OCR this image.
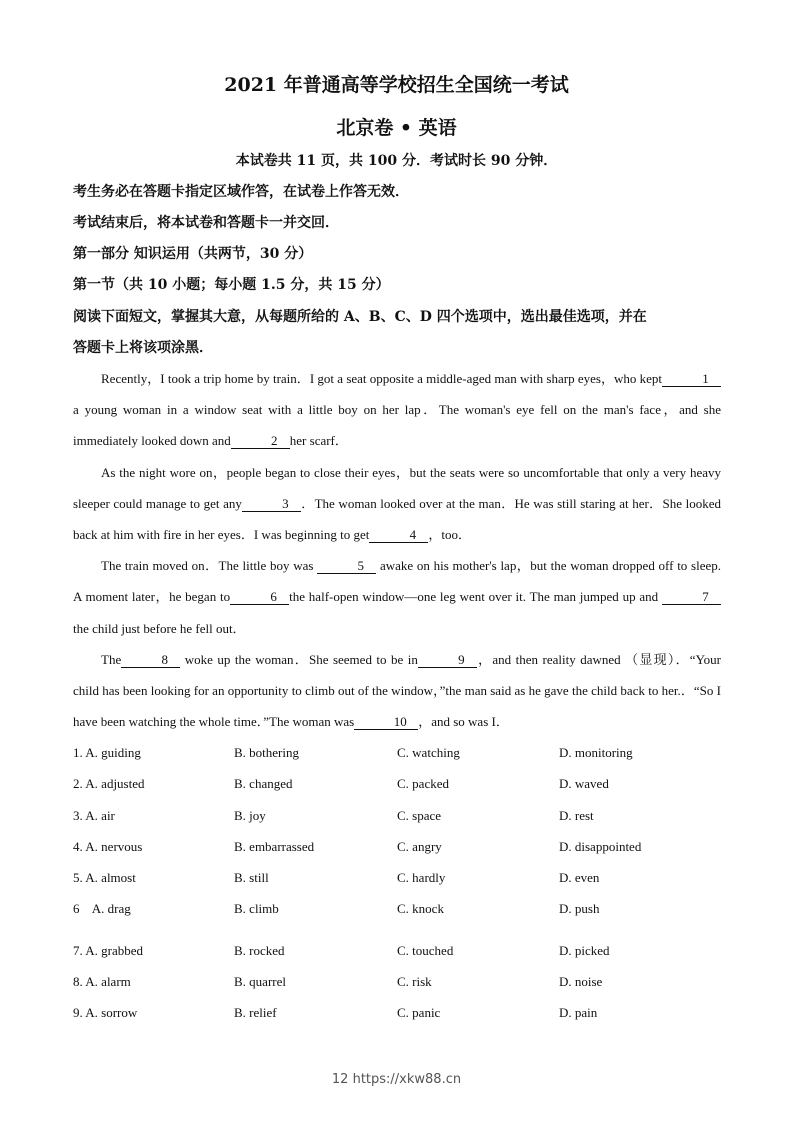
2021 年普通高等学校招生全国统一考试
北京卷 • 英语
本试卷共 11 页，共 100 分．考试时长 90 分钟．
考生务必在答题卡指定区域作答，在试卷上作答无效．
考试结束后，将本试卷和答题卡一并交回．
第一部分 知识运用（共两节，30 分）
第一节（共 10 小题；每小题 1.5 分，共 15 分）
阅读下面短文，掌握其大意，从每题所给的 A、B、C、D 四个选项中，选出最佳选项，并在
答题卡上将该项涂黑．

Recently，I took a trip home by train．I got a seat opposite a middle-aged man with sharp eyes，who kept	1a young woman in a window seat with a little boy on her lap．The woman's eye fell on the man's face，and she immediately looked down and	2 her scarf．

As the night wore on，people began to close their eyes，but the seats were so uncomfortable that only a very heavy sleeper could manage to get any	3 ．The woman looked over at the man．He was still staring at her．She looked back at him with fire in her eyes．I was beginning to get	4 ，too．

The train moved on．The little boy was	5 awake on his mother's lap，but the woman dropped off to sleep. A moment later，he began to	6 the half-open window—one leg went over it. The man jumped up and	7the child just before he fell out．

The	8 woke up the woman．She seemed to be in	9 ，and then reality dawned （显现）．“Your child has been looking for an opportunity to climb out of the window，”the man said as he gave the child back to her.．“So I have been watching the whole time．”The woman was	10 ，and so was I．

1. A. guiding	B. bothering	C. watching	D. monitoring
2. A. adjusted	B. changed	C. packed	D. waved
3. A. air	B. joy	C. space	D. rest
4. A. nervous	B. embarrassed	C. angry	D. disappointed
5. A. almost	B. still	C. hardly	D. even
6    A. drag	B. climb	C. knock	D. push
7. A. grabbed	B. rocked	C. touched	D. picked
8. A. alarm	B. quarrel	C. risk	D. noise
9. A. sorrow	B. relief	C. panic	D. pain
12 https://xkw88.cn
